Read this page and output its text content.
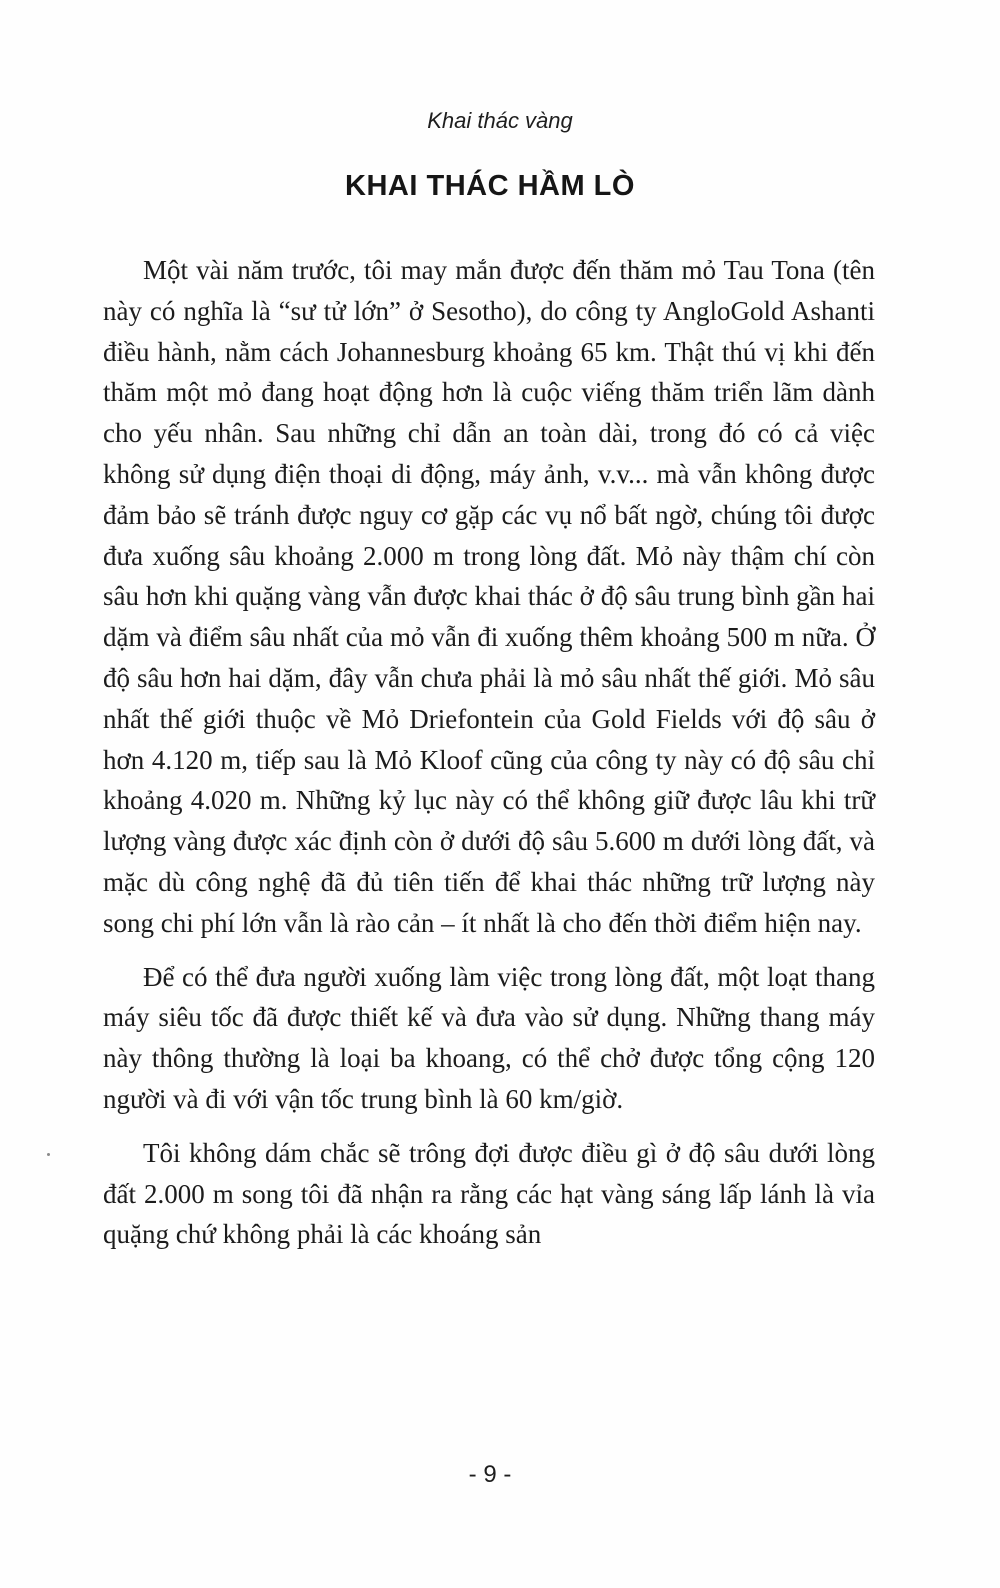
Khai thác vàng
KHAI THÁC HẦM LÒ

Một vài năm trước, tôi may mắn được đến thăm mỏ Tau Tona (tên này có nghĩa là “sư tử lớn” ở Sesotho), do công ty AngloGold Ashanti điều hành, nằm cách Johannesburg khoảng 65 km. Thật thú vị khi đến thăm một mỏ đang hoạt động hơn là cuộc viếng thăm triển lãm dành cho yếu nhân. Sau những chỉ dẫn an toàn dài, trong đó có cả việc không sử dụng điện thoại di động, máy ảnh, v.v... mà vẫn không được đảm bảo sẽ tránh được nguy cơ gặp các vụ nổ bất ngờ, chúng tôi được đưa xuống sâu khoảng 2.000 m trong lòng đất. Mỏ này thậm chí còn sâu hơn khi quặng vàng vẫn được khai thác ở độ sâu trung bình gần hai dặm và điểm sâu nhất của mỏ vẫn đi xuống thêm khoảng 500 m nữa. Ở độ sâu hơn hai dặm, đây vẫn chưa phải là mỏ sâu nhất thế giới. Mỏ sâu nhất thế giới thuộc về Mỏ Driefontein của Gold Fields với độ sâu ở hơn 4.120 m, tiếp sau là Mỏ Kloof cũng của công ty này có độ sâu chỉ khoảng 4.020 m. Những kỷ lục này có thể không giữ được lâu khi trữ lượng vàng được xác định còn ở dưới độ sâu 5.600 m dưới lòng đất, và mặc dù công nghệ đã đủ tiên tiến để khai thác những trữ lượng này song chi phí lớn vẫn là rào cản – ít nhất là cho đến thời điểm hiện nay.

Để có thể đưa người xuống làm việc trong lòng đất, một loạt thang máy siêu tốc đã được thiết kế và đưa vào sử dụng. Những thang máy này thông thường là loại ba khoang, có thể chở được tổng cộng 120 người và đi với vận tốc trung bình là 60 km/giờ.

Tôi không dám chắc sẽ trông đợi được điều gì ở độ sâu dưới lòng đất 2.000 m song tôi đã nhận ra rằng các hạt vàng sáng lấp lánh là vỉa quặng chứ không phải là các khoáng sản

- 9 -
